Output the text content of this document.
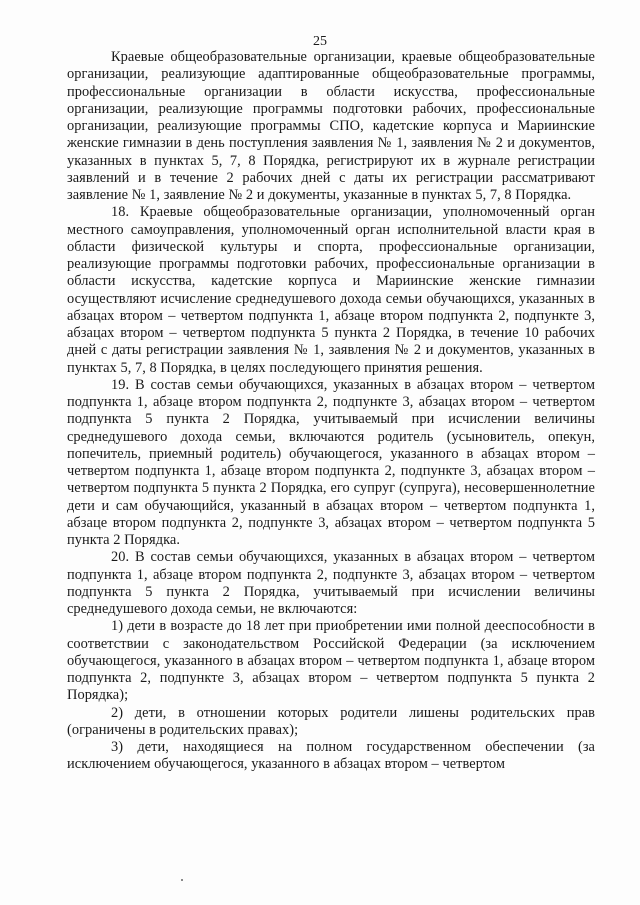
25

Краевые общеобразовательные организации, краевые общеобразовательные организации, реализующие адаптированные общеобразовательные программы, профессиональные организации в области искусства, профессиональные организации, реализующие программы подготовки рабочих, профессиональные организации, реализующие программы СПО, кадетские корпуса и Мариинские женские гимназии в день поступления заявления № 1, заявления № 2 и документов, указанных в пунктах 5, 7, 8 Порядка, регистрируют их в журнале регистрации заявлений и в течение 2 рабочих дней с даты их регистрации рассматривают заявление № 1, заявление № 2 и документы, указанные в пунктах 5, 7, 8 Порядка.

18. Краевые общеобразовательные организации, уполномоченный орган местного самоуправления, уполномоченный орган исполнительной власти края в области физической культуры и спорта, профессиональные организации, реализующие программы подготовки рабочих, профессиональные организации в области искусства, кадетские корпуса и Мариинские женские гимназии осуществляют исчисление среднедушевого дохода семьи обучающихся, указанных в абзацах втором – четвертом подпункта 1, абзаце втором подпункта 2, подпункте 3, абзацах втором – четвертом подпункта 5 пункта 2 Порядка, в течение 10 рабочих дней с даты регистрации заявления № 1, заявления № 2 и документов, указанных в пунктах 5, 7, 8 Порядка, в целях последующего принятия решения.

19. В состав семьи обучающихся, указанных в абзацах втором – четвертом подпункта 1, абзаце втором подпункта 2, подпункте 3, абзацах втором – четвертом подпункта 5 пункта 2 Порядка, учитываемый при исчислении величины среднедушевого дохода семьи, включаются родитель (усыновитель, опекун, попечитель, приемный родитель) обучающегося, указанного в абзацах втором – четвертом подпункта 1, абзаце втором подпункта 2, подпункте 3, абзацах втором – четвертом подпункта 5 пункта 2 Порядка, его супруг (супруга), несовершеннолетние дети и сам обучающийся, указанный в абзацах втором – четвертом подпункта 1, абзаце втором подпункта 2, подпункте 3, абзацах втором – четвертом подпункта 5 пункта 2 Порядка.

20. В состав семьи обучающихся, указанных в абзацах втором – четвертом подпункта 1, абзаце втором подпункта 2, подпункте 3, абзацах втором – четвертом подпункта 5 пункта 2 Порядка, учитываемый при исчислении величины среднедушевого дохода семьи, не включаются:

1) дети в возрасте до 18 лет при приобретении ими полной дееспособности в соответствии с законодательством Российской Федерации (за исключением обучающегося, указанного в абзацах втором – четвертом подпункта 1, абзаце втором подпункта 2, подпункте 3, абзацах втором – четвертом подпункта 5 пункта 2 Порядка);

2) дети, в отношении которых родители лишены родительских прав (ограничены в родительских правах);

3) дети, находящиеся на полном государственном обеспечении (за исключением обучающегося, указанного в абзацах втором – четвертом
